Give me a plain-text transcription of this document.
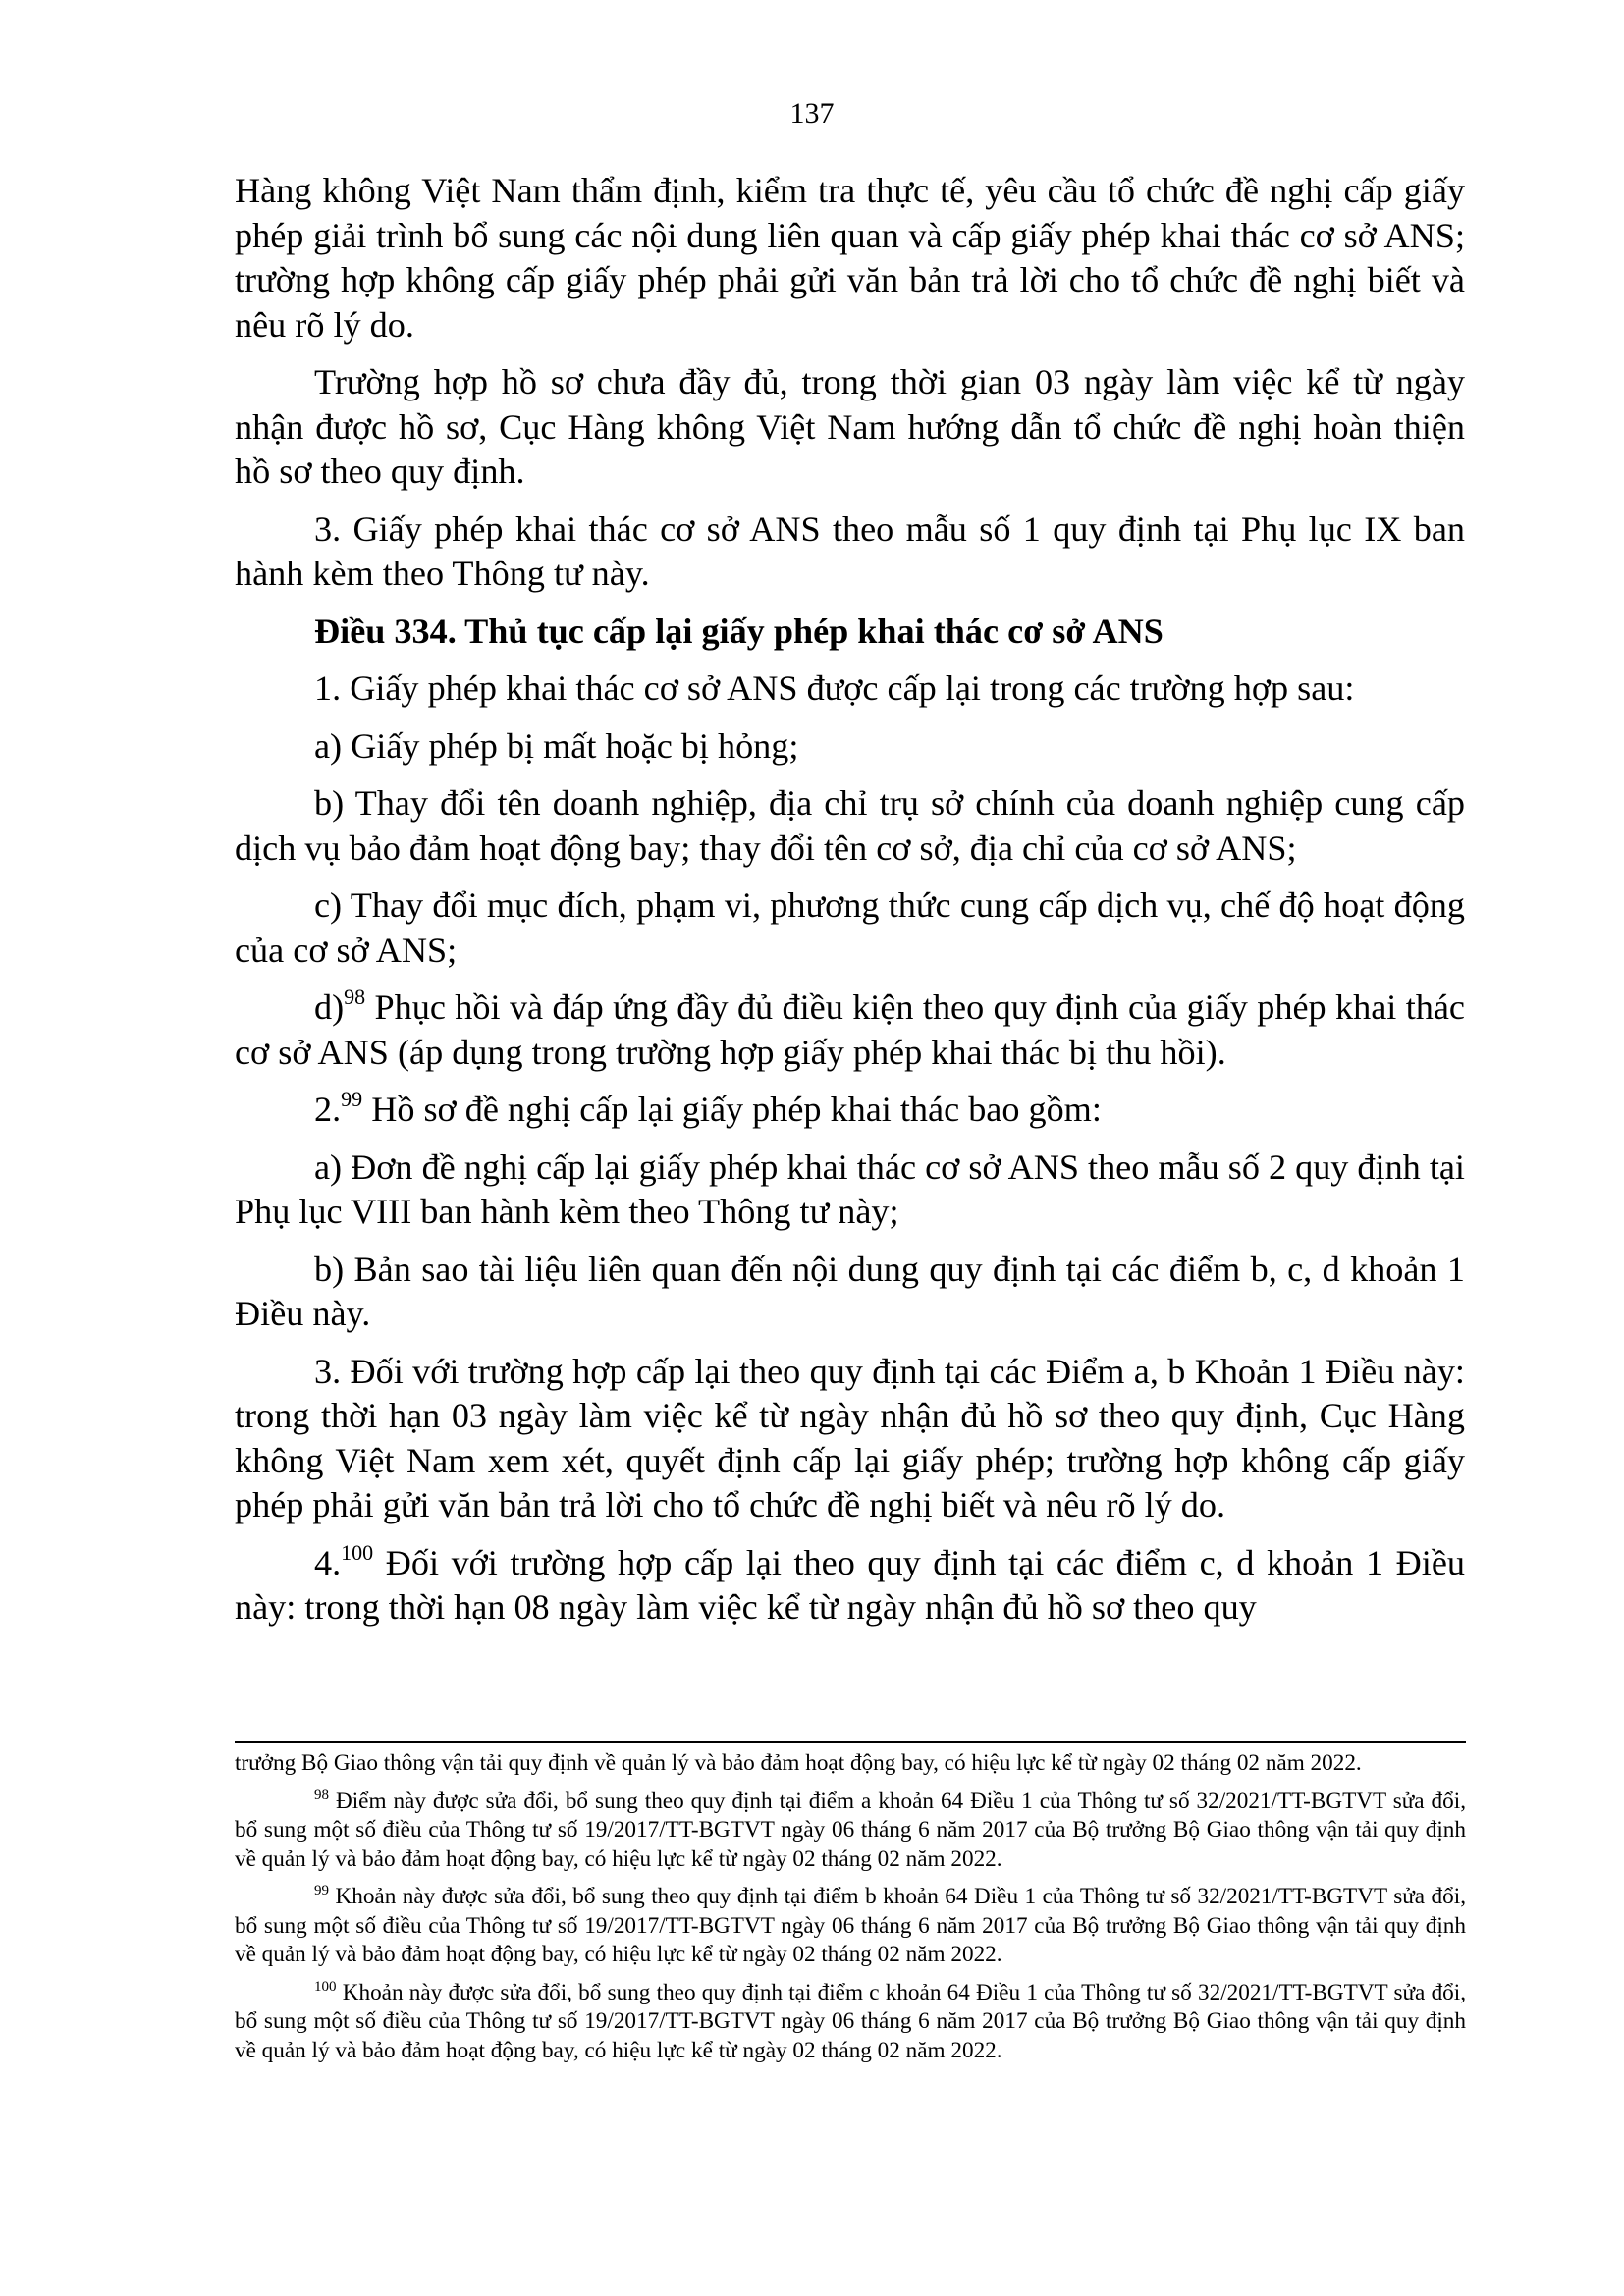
137

Hàng không Việt Nam thẩm định, kiểm tra thực tế, yêu cầu tổ chức đề nghị cấp giấy phép giải trình bổ sung các nội dung liên quan và cấp giấy phép khai thác cơ sở ANS; trường hợp không cấp giấy phép phải gửi văn bản trả lời cho tổ chức đề nghị biết và nêu rõ lý do.

Trường hợp hồ sơ chưa đầy đủ, trong thời gian 03 ngày làm việc kể từ ngày nhận được hồ sơ, Cục Hàng không Việt Nam hướng dẫn tổ chức đề nghị hoàn thiện hồ sơ theo quy định.

3. Giấy phép khai thác cơ sở ANS theo mẫu số 1 quy định tại Phụ lục IX ban hành kèm theo Thông tư này.

Điều 334. Thủ tục cấp lại giấy phép khai thác cơ sở ANS

1. Giấy phép khai thác cơ sở ANS được cấp lại trong các trường hợp sau:

a) Giấy phép bị mất hoặc bị hỏng;

b) Thay đổi tên doanh nghiệp, địa chỉ trụ sở chính của doanh nghiệp cung cấp dịch vụ bảo đảm hoạt động bay; thay đổi tên cơ sở, địa chỉ của cơ sở ANS;

c) Thay đổi mục đích, phạm vi, phương thức cung cấp dịch vụ, chế độ hoạt động của cơ sở ANS;

d)$^{98}$ Phục hồi và đáp ứng đầy đủ điều kiện theo quy định của giấy phép khai thác cơ sở ANS (áp dụng trong trường hợp giấy phép khai thác bị thu hồi).

2.99 Hồ sơ đề nghị cấp lại giấy phép khai thác bao gồm:

a) Đơn đề nghị cấp lại giấy phép khai thác cơ sở ANS theo mẫu số 2 quy định tại Phụ lục VIII ban hành kèm theo Thông tư này;

b) Bản sao tài liệu liên quan đến nội dung quy định tại các điểm b, c, d khoản 1 Điều này.

3. Đối với trường hợp cấp lại theo quy định tại các Điểm a, b Khoản 1 Điều này: trong thời hạn 03 ngày làm việc kể từ ngày nhận đủ hồ sơ theo quy định, Cục Hàng không Việt Nam xem xét, quyết định cấp lại giấy phép; trường hợp không cấp giấy phép phải gửi văn bản trả lời cho tổ chức đề nghị biết và nêu rõ lý do.

4.$^{100}$ Đối với trường hợp cấp lại theo quy định tại các điểm c, d khoản 1 Điều này: trong thời hạn 08 ngày làm việc kể từ ngày nhận đủ hồ sơ theo quy

trưởng Bộ Giao thông vận tải quy định về quản lý và bảo đảm hoạt động bay, có hiệu lực kể từ ngày 02 tháng 02 năm 2022.

$^{98}$ Điểm này được sửa đổi, bổ sung theo quy định tại điểm a khoản 64 Điều 1 của Thông tư số 32/2021/TT-BGTVT sửa đổi, bổ sung một số điều của Thông tư số 19/2017/TT-BGTVT ngày 06 tháng 6 năm 2017 của Bộ trưởng Bộ Giao thông vận tải quy định về quản lý và bảo đảm hoạt động bay, có hiệu lực kể từ ngày 02 tháng 02 năm 2022.

$^{99}$ Khoản này được sửa đổi, bổ sung theo quy định tại điểm b khoản 64 Điều 1 của Thông tư số 32/2021/TT-BGTVT sửa đổi, bổ sung một số điều của Thông tư số 19/2017/TT-BGTVT ngày 06 tháng 6 năm 2017 của Bộ trưởng Bộ Giao thông vận tải quy định về quản lý và bảo đảm hoạt động bay, có hiệu lực kể từ ngày 02 tháng 02 năm 2022.

$^{100}$ Khoản này được sửa đổi, bổ sung theo quy định tại điểm c khoản 64 Điều 1 của Thông tư số 32/2021/TT-BGTVT sửa đổi, bổ sung một số điều của Thông tư số 19/2017/TT-BGTVT ngày 06 tháng 6 năm 2017 của Bộ trưởng Bộ Giao thông vận tải quy định về quản lý và bảo đảm hoạt động bay, có hiệu lực kể từ ngày 02 tháng 02 năm 2022.
